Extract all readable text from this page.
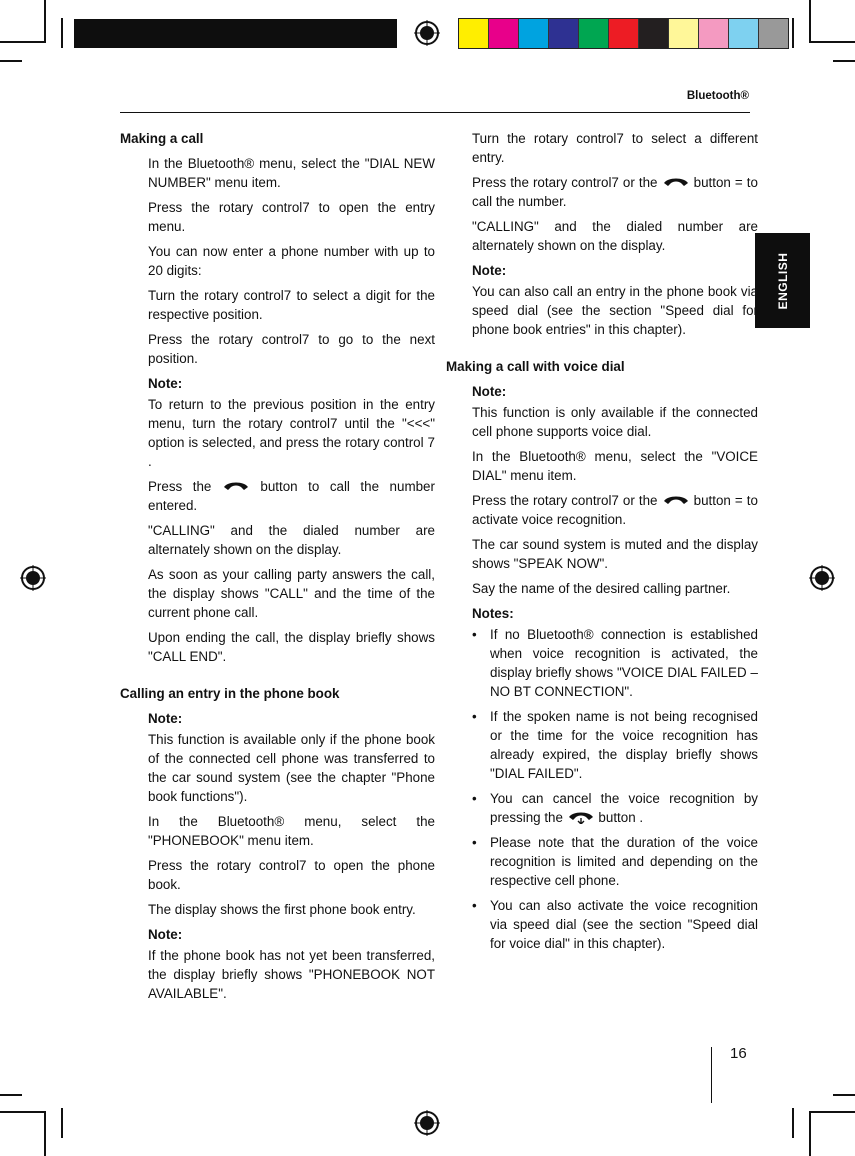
Bluetooth®
ENGLISH
Making a call

In the Bluetooth® menu, select the "DIAL NEW NUMBER" menu item.

Press the rotary control7 to open the entry menu.

You can now enter a phone number with up to 20 digits:

Turn the rotary control7 to select a digit for the respective position.

Press the rotary control7 to go to the next position.

Note:

To return to the previous position in the entry menu, turn the rotary control7 until the "<<<" option is selected, and press the rotary control 7 .

Press the	button to call the number entered.

"CALLING" and the dialed number are alternately shown on the display.

As soon as your calling party answers the call, the display shows "CALL" and the time of the current phone call.

Upon ending the call, the display briefly shows "CALL END".

Calling an entry in the phone book
Note:

This function is available only if the phone book of the connected cell phone was transferred to the car sound system (see the chapter "Phone book functions").

In the Bluetooth® menu, select the "PHONEBOOK" menu item.

Press the rotary control7 to open the phone book.

The display shows the first phone book entry.

Note:

If the phone book has not yet been transferred, the display briefly shows "PHONEBOOK NOT AVAILABLE".

Turn the rotary control7 to select a different entry.

Press the rotary control7 or the	button = to call the number.

"CALLING" and the dialed number are alternately shown on the display.

Note:

You can also call an entry in the phone book via speed dial (see the section "Speed dial for phone book entries" in this chapter).

Making a call with voice dial
Note:

This function is only available if the connected cell phone supports voice dial.

In the Bluetooth® menu, select the "VOICE DIAL" menu item.

Press the rotary control7 or the	button = to activate voice recognition.

The car sound system is muted and the display shows "SPEAK NOW".

Say the name of the desired calling partner.

Notes:
• If no Bluetooth® connection is established when voice recognition is activated, the display briefly shows "VOICE DIAL FAILED – NO BT CONNECTION".
• If the spoken name is not being recognised or the time for the voice recognition has already expired, the display briefly shows "DIAL FAILED".
• You can cancel the voice recognition by pressing the	button .
• Please note that the duration of the voice recognition is limited and depending on the respective cell phone.
• You can also activate the voice recognition via speed dial (see the section "Speed dial for voice dial" in this chapter).
16
